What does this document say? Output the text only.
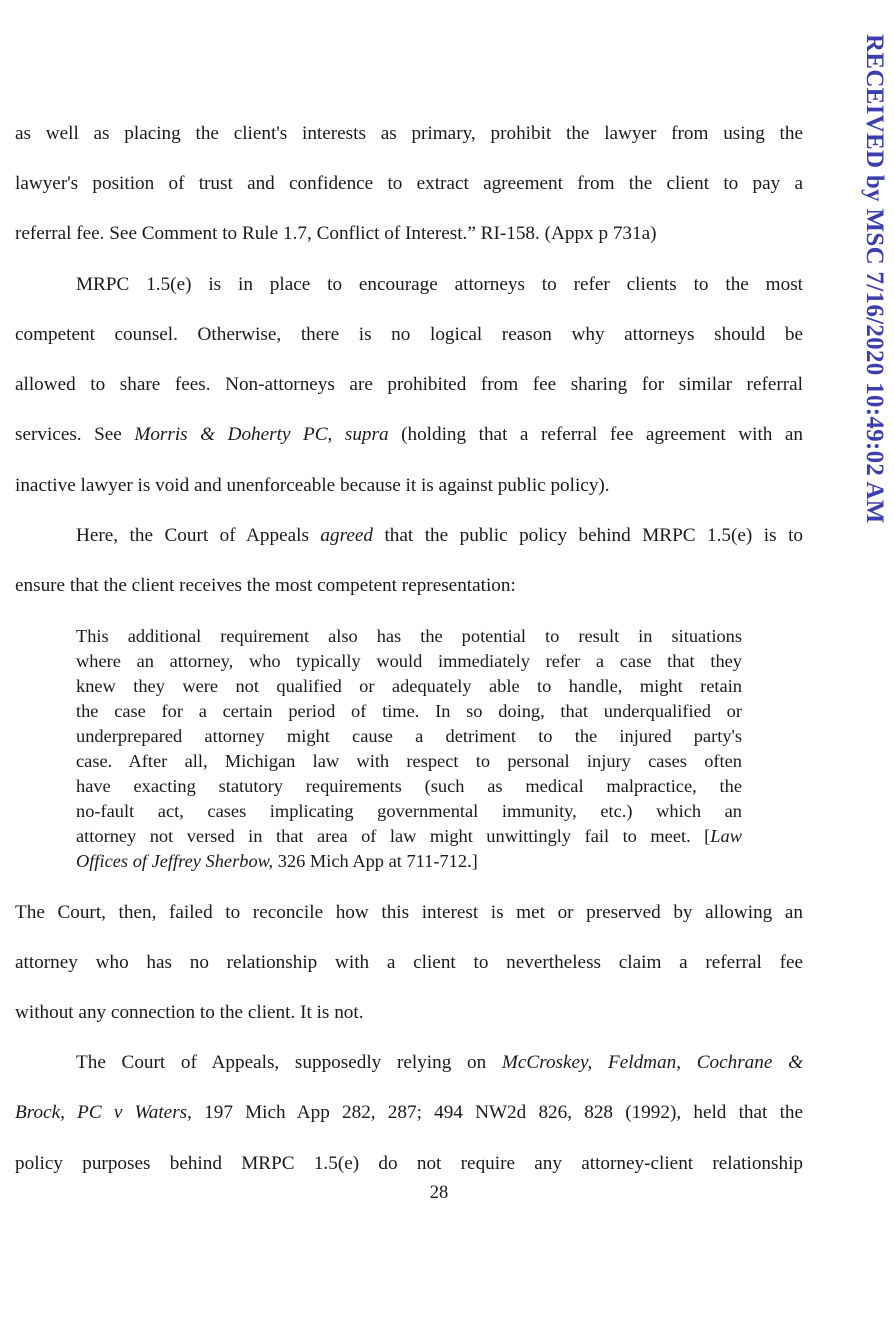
RECEIVED by MSC 7/16/2020 10:49:02 AM
as well as placing the client's interests as primary, prohibit the lawyer from using the
lawyer's position of trust and confidence to extract agreement from the client to pay a
referral fee. See Comment to Rule 1.7, Conflict of Interest.” RI-158. (Appx p 731a)
MRPC 1.5(e) is in place to encourage attorneys to refer clients to the most
competent counsel. Otherwise, there is no logical reason why attorneys should be
allowed to share fees. Non-attorneys are prohibited from fee sharing for similar referral
services. See Morris & Doherty PC, supra (holding that a referral fee agreement with an
inactive lawyer is void and unenforceable because it is against public policy).
Here, the Court of Appeals agreed that the public policy behind MRPC 1.5(e) is to
ensure that the client receives the most competent representation:
This additional requirement also has the potential to result in situations
where an attorney, who typically would immediately refer a case that they
knew they were not qualified or adequately able to handle, might retain
the case for a certain period of time. In so doing, that underqualified or
underprepared attorney might cause a detriment to the injured party's
case. After all, Michigan law with respect to personal injury cases often
have exacting statutory requirements (such as medical malpractice, the
no-fault act, cases implicating governmental immunity, etc.) which an
attorney not versed in that area of law might unwittingly fail to meet. [Law
Offices of Jeffrey Sherbow, 326 Mich App at 711-712.]
The Court, then, failed to reconcile how this interest is met or preserved by allowing an
attorney who has no relationship with a client to nevertheless claim a referral fee
without any connection to the client. It is not.
The Court of Appeals, supposedly relying on McCroskey, Feldman, Cochrane &
Brock, PC v Waters, 197 Mich App 282, 287; 494 NW2d 826, 828 (1992), held that the
policy purposes behind MRPC 1.5(e) do not require any attorney-client relationship
28
